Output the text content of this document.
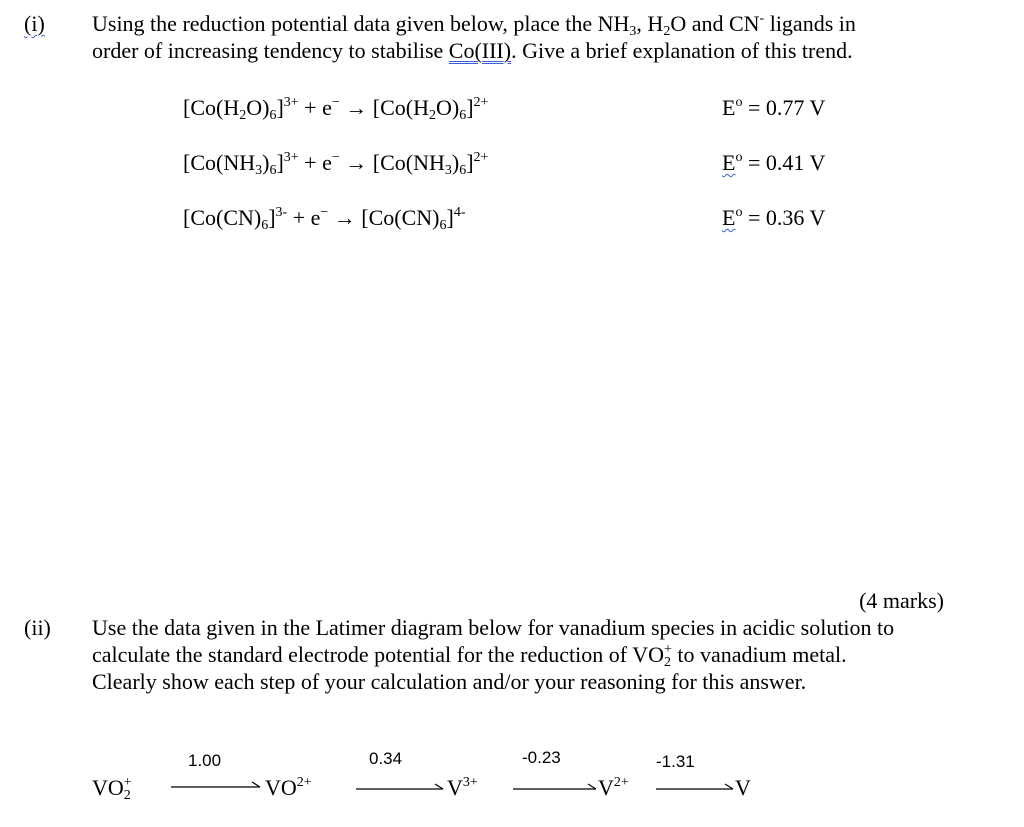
(i) Using the reduction potential data given below, place the $NH_3$, $H_2O$ and CN- ligands in
order of increasing tendency to stabilise Co(III). Give a brief explanation of this trend.
$[Co(H_2O)_6]^{3+} + e^- \to [Co(H_2O)_6]^{2+}$	$E^o = 0.77$ V
$[Co(NH_3)_6]^{3+} + e^- \to [Co(NH_3)_6]^{2+}$	$E^o = 0.41$ V
$[Co(CN)_6]^{3-} + e^- \to [Co(CN)_6]^{4-}$	$E^o = 0.36$ V
(4 marks)
(ii) Use the data given in the Latimer diagram below for vanadium species in acidic solution to
calculate the standard electrode potential for the reduction of $VO_2^+$ to vanadium metal.
Clearly show each step of your calculation and/or your reasoning for this answer.
$VO_2^+$	$VO^{2+}$	$V^{3+}$	$V^{2+}$	V
1.00	0.34	-0.23	-1.31
